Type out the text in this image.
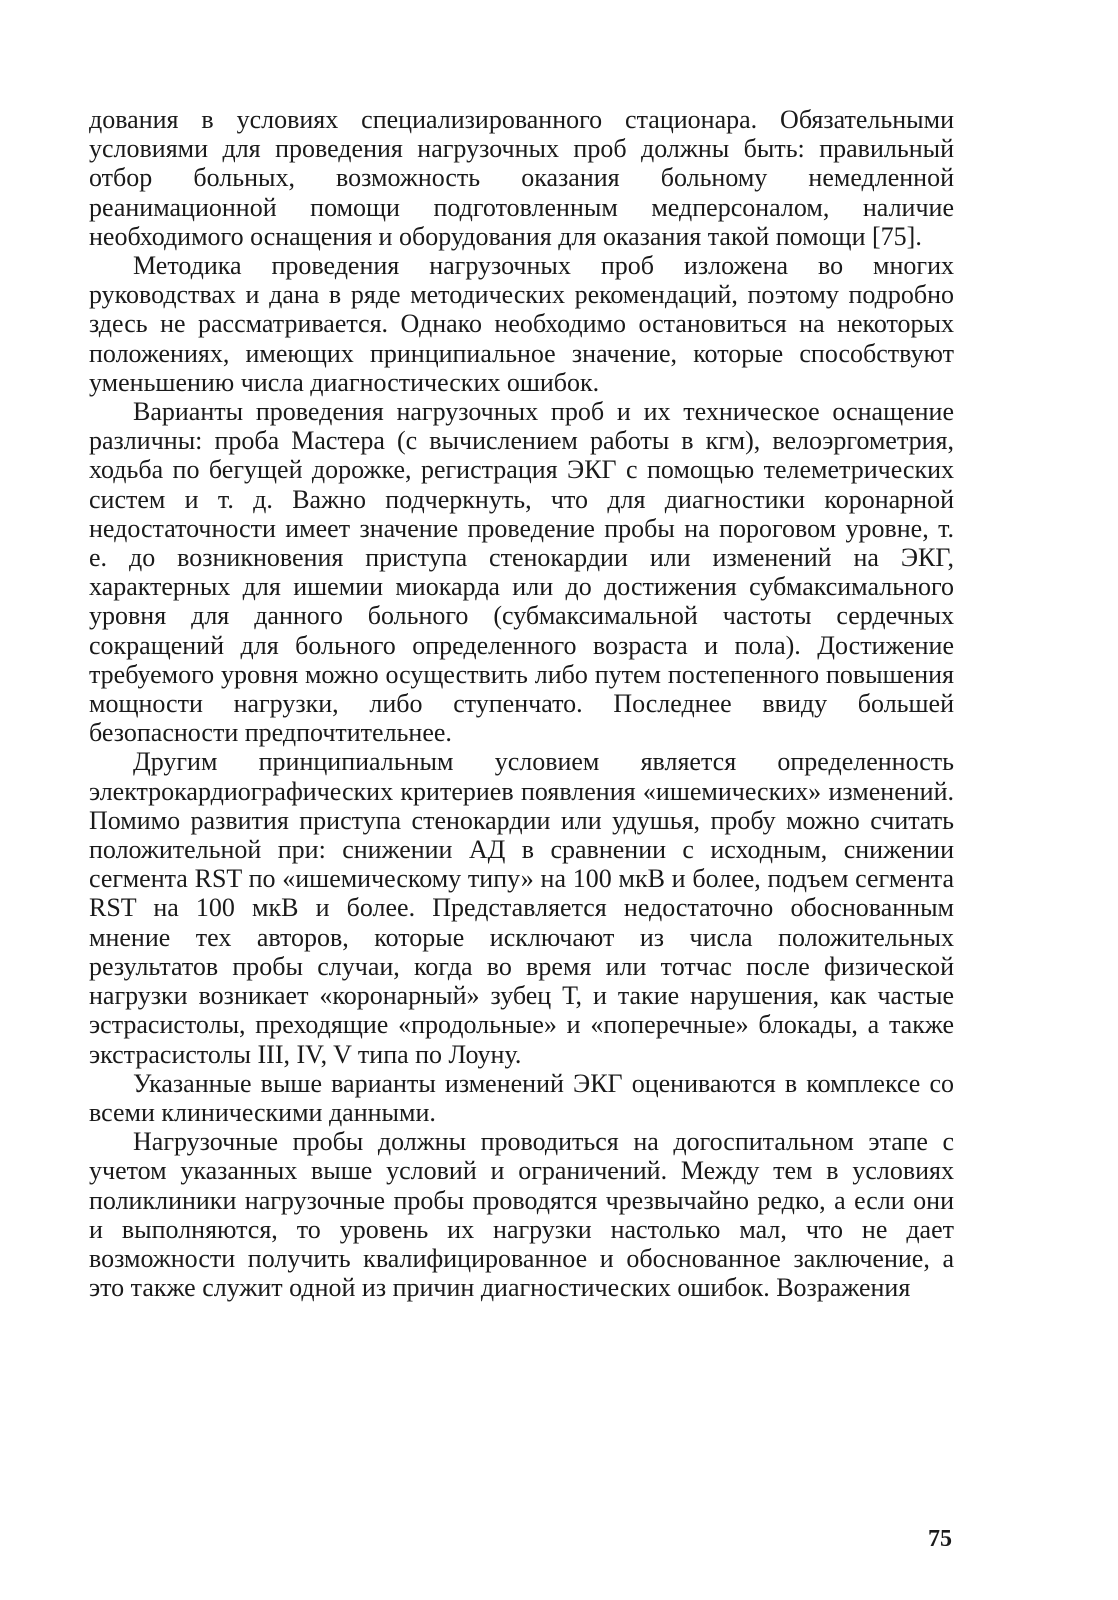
дования в условиях специализированного стационара. Обязательными условиями для проведения нагрузочных проб должны быть: правильный отбор больных, возможность оказания больному немедленной реанимационной помощи подготовленным медперсоналом, наличие необходимого оснащения и оборудования для оказания такой помощи [75].

Методика проведения нагрузочных проб изложена во многих руководствах и дана в ряде методических рекомендаций, поэтому подробно здесь не рассматривается. Однако необходимо остановиться на некоторых положениях, имеющих принципиальное значение, которые способствуют уменьшению числа диагностических ошибок.

Варианты проведения нагрузочных проб и их техническое оснащение различны: проба Мастера (с вычислением работы в кгм), велоэргометрия, ходьба по бегущей дорожке, регистрация ЭКГ с помощью телеметрических систем и т. д. Важно подчеркнуть, что для диагностики коронарной недостаточности имеет значение проведение пробы на пороговом уровне, т. е. до возникновения приступа стенокардии или изменений на ЭКГ, характерных для ишемии миокарда или до достижения субмаксимального уровня для данного больного (субмаксимальной частоты сердечных сокращений для больного определенного возраста и пола). Достижение требуемого уровня можно осуществить либо путем постепенного повышения мощности нагрузки, либо ступенчато. Последнее ввиду большей безопасности предпочтительнее.

Другим принципиальным условием является определенность электрокардиографических критериев появления «ишемических» изменений. Помимо развития приступа стенокардии или удушья, пробу можно считать положительной при: снижении АД в сравнении с исходным, снижении сегмента RST по «ишемическому типу» на 100 мкВ и более, подъем сегмента RST на 100 мкВ и более. Представляется недостаточно обоснованным мнение тех авторов, которые исключают из числа положительных результатов пробы случаи, когда во время или тотчас после физической нагрузки возникает «коронарный» зубец Т, и такие нарушения, как частые эстрасистолы, преходящие «продольные» и «поперечные» блокады, а также экстрасистолы III, IV, V типа по Лоуну.

Указанные выше варианты изменений ЭКГ оцениваются в комплексе со всеми клиническими данными.

Нагрузочные пробы должны проводиться на догоспитальном этапе с учетом указанных выше условий и ограничений. Между тем в условиях поликлиники нагрузочные пробы проводятся чрезвычайно редко, а если они и выполняются, то уровень их нагрузки настолько мал, что не дает возможности получить квалифицированное и обоснованное заключение, а это также служит одной из причин диагностических ошибок. Возражения

75
